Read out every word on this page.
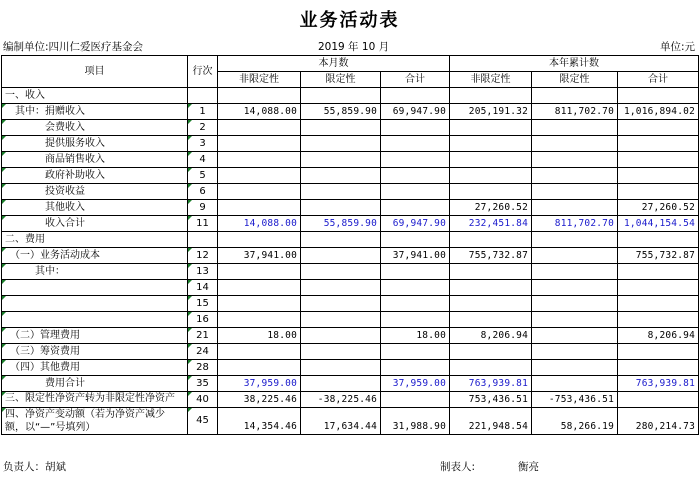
业务活动表
编制单位:四川仁爱医疗基金会	2019 年 10 月	单位:元
项目	行次	本月数			本年累计数		
		非限定性	限定性	合计	非限定性	限定性	合计
一、收入							
　其中：捐赠收入	1	14,088.00	55,859.90	69,947.90	205,191.32	811,702.70	1,016,894.02
　　　　会费收入	2						
　　　　提供服务收入	3						
　　　　商品销售收入	4						
　　　　政府补助收入	5						
　　　　投资收益	6						
　　　　其他收入	9				27,260.52		27,260.52
　　　　收入合计	11	14,088.00	55,859.90	69,947.90	232,451.84	811,702.70	1,044,154.54
二、费用							
　（一）业务活动成本	12	37,941.00		37,941.00	755,732.87		755,732.87
　　　其中：	13						
	14						
	15						
	16						
　（二）管理费用	21	18.00		18.00	8,206.94		8,206.94
　（三）筹资费用	24						
　（四）其他费用	28						
　　　　费用合计	35	37,959.00		37,959.00	763,939.81		763,939.81
三、限定性净资产转为非限定性净资产	40	38,225.46	-38,225.46		753,436.51	-753,436.51	
四、净资产变动额（若为净资产减少额，以“—”号填列）	45	14,354.46	17,634.44	31,988.90	221,948.54	58,266.19	280,214.73
负责人：胡斌	制表人:	衡亮
